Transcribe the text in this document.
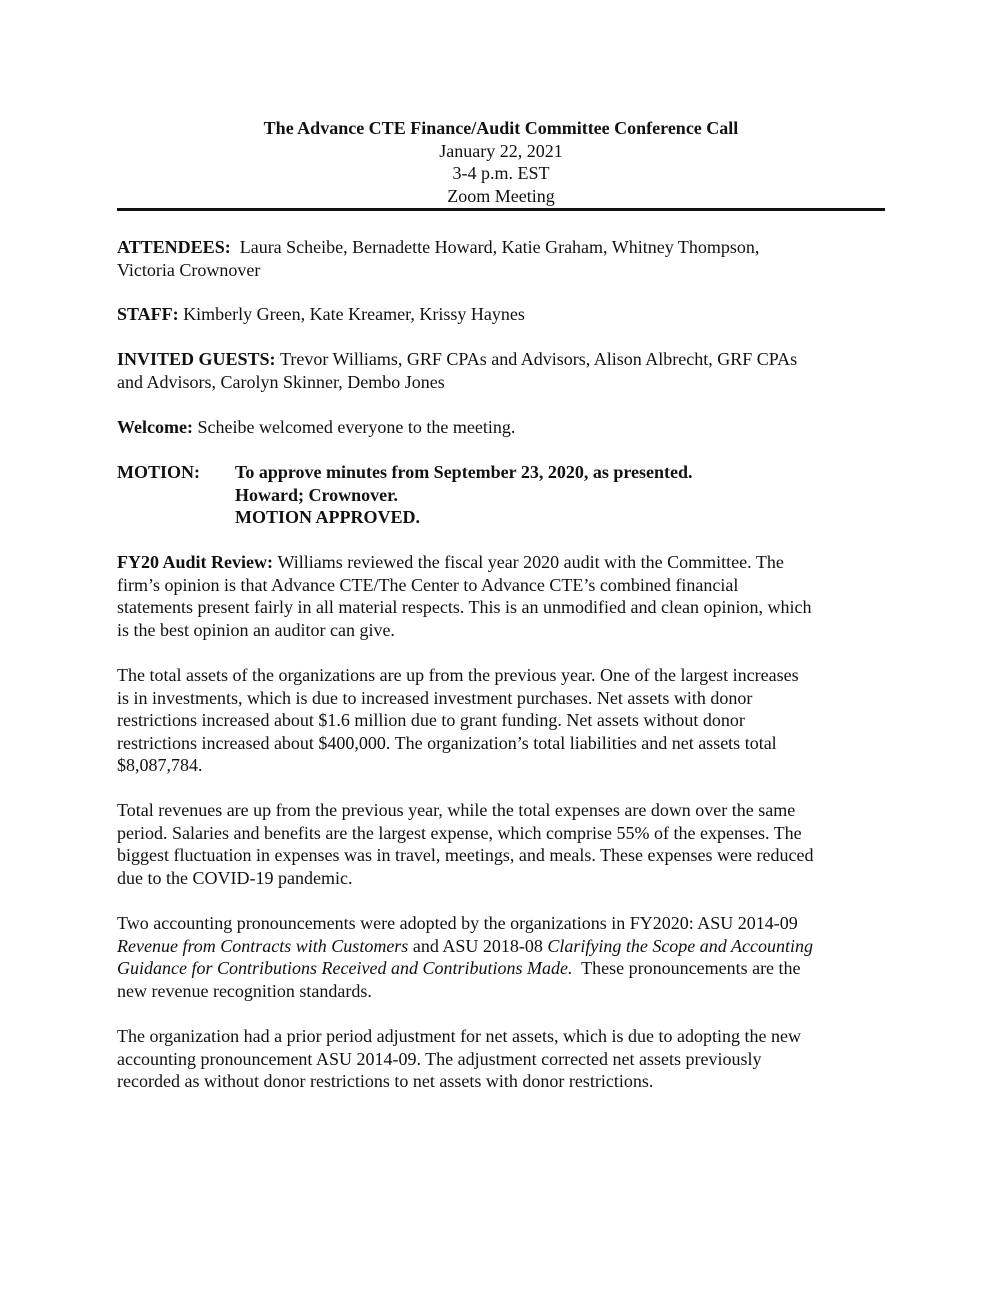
The Advance CTE Finance/Audit Committee Conference Call
January 22, 2021
3-4 p.m. EST
Zoom Meeting
ATTENDEES: Laura Scheibe, Bernadette Howard, Katie Graham, Whitney Thompson,
Victoria Crownover
STAFF: Kimberly Green, Kate Kreamer, Krissy Haynes
INVITED GUESTS: Trevor Williams, GRF CPAs and Advisors, Alison Albrecht, GRF CPAs
and Advisors, Carolyn Skinner, Dembo Jones
Welcome: Scheibe welcomed everyone to the meeting.
MOTION: To approve minutes from September 23, 2020, as presented.
Howard; Crownover.
MOTION APPROVED.
FY20 Audit Review: Williams reviewed the fiscal year 2020 audit with the Committee. The
firm’s opinion is that Advance CTE/The Center to Advance CTE’s combined financial
statements present fairly in all material respects. This is an unmodified and clean opinion, which
is the best opinion an auditor can give.
The total assets of the organizations are up from the previous year. One of the largest increases
is in investments, which is due to increased investment purchases. Net assets with donor
restrictions increased about $1.6 million due to grant funding. Net assets without donor
restrictions increased about $400,000. The organization’s total liabilities and net assets total
$8,087,784.
Total revenues are up from the previous year, while the total expenses are down over the same
period. Salaries and benefits are the largest expense, which comprise 55% of the expenses. The
biggest fluctuation in expenses was in travel, meetings, and meals. These expenses were reduced
due to the COVID-19 pandemic.
Two accounting pronouncements were adopted by the organizations in FY2020: ASU 2014-09
Revenue from Contracts with Customers and ASU 2018-08 Clarifying the Scope and Accounting
Guidance for Contributions Received and Contributions Made.  These pronouncements are the
new revenue recognition standards.
The organization had a prior period adjustment for net assets, which is due to adopting the new
accounting pronouncement ASU 2014-09. The adjustment corrected net assets previously
recorded as without donor restrictions to net assets with donor restrictions.
